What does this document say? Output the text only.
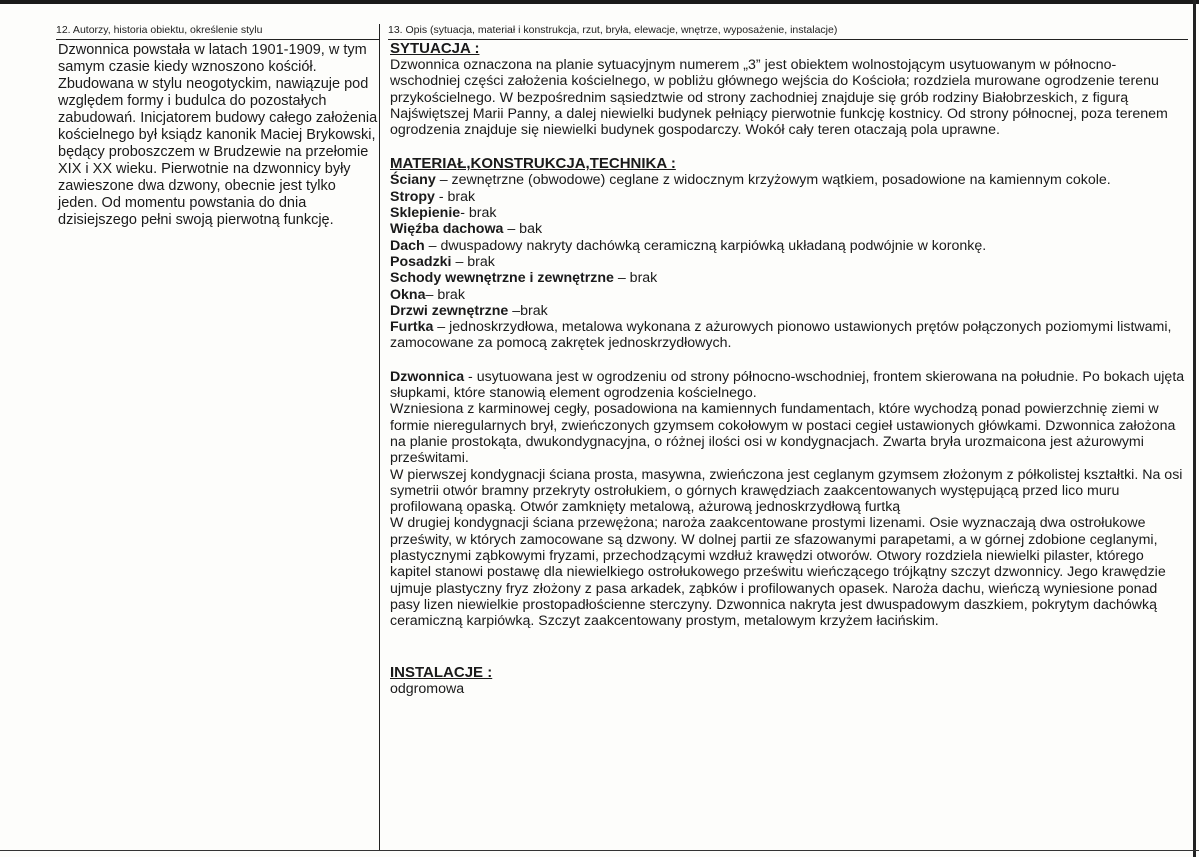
12. Autorzy, historia obiektu, określenie stylu
Dzwonnica powstała w latach 1901-1909, w tym samym czasie kiedy wznoszono kościół. Zbudowana w stylu neogotyckim, nawiązuje pod względem formy i budulca do pozostałych zabudowań. Inicjatorem budowy całego założenia kościelnego był ksiądz kanonik Maciej Brykowski, będący proboszczem w Brudzewie na przełomie XIX i XX wieku. Pierwotnie na dzwonnicy były zawieszone dwa dzwony, obecnie jest tylko jeden. Od momentu powstania do dnia dzisiejszego pełni swoją pierwotną funkcję.
13. Opis (sytuacja, materiał i konstrukcja, rzut, bryła, elewacje, wnętrze, wyposażenie, instalacje)
SYTUACJA :

Dzwonnica oznaczona na planie sytuacyjnym numerem „3” jest obiektem wolnostojącym usytuowanym w północno- wschodniej części założenia kościelnego, w pobliżu głównego wejścia do Kościoła; rozdziela murowane ogrodzenie terenu przykościelnego. W bezpośrednim sąsiedztwie od strony zachodniej znajduje się grób rodziny Białobrzeskich, z figurą Najświętszej Marii Panny, a dalej niewielki budynek pełniący pierwotnie funkcję kostnicy. Od strony północnej, poza terenem ogrodzenia znajduje się niewielki budynek gospodarczy. Wokół cały teren otaczają pola uprawne.

MATERIAŁ,KONSTRUKCJA,TECHNIKA :

Ściany – zewnętrzne (obwodowe) ceglane z widocznym krzyżowym wątkiem, posadowione na kamiennym cokole.

Stropy - brak

Sklepienie- brak

Więźba dachowa – bak

Dach – dwuspadowy nakryty dachówką ceramiczną karpiówką układaną podwójnie w koronkę.

Posadzki – brak

Schody wewnętrzne i zewnętrzne – brak

Okna– brak

Drzwi zewnętrzne –brak

Furtka – jednoskrzydłowa, metalowa wykonana z ażurowych pionowo ustawionych prętów połączonych poziomymi listwami, zamocowane za pomocą zakrętek jednoskrzydłowych.

Dzwonnica - usytuowana jest w ogrodzeniu od strony północno-wschodniej, frontem skierowana na południe. Po bokach ujęta słupkami, które stanowią element ogrodzenia kościelnego.

Wzniesiona z karminowej cegły, posadowiona na kamiennych fundamentach, które wychodzą ponad powierzchnię ziemi w formie nieregularnych brył, zwieńczonych gzymsem cokołowym w postaci cegieł ustawionych główkami. Dzwonnica założona na planie prostokąta, dwukondygnacyjna, o różnej ilości osi w kondygnacjach. Zwarta bryła urozmaicona jest ażurowymi prześwitami.

W pierwszej kondygnacji ściana prosta, masywna, zwieńczona jest ceglanym gzymsem złożonym z półkolistej kształtki. Na osi symetrii otwór bramny przekryty ostrołukiem, o górnych krawędziach zaakcentowanych występującą przed lico muru profilowaną opaską. Otwór zamknięty metalową, ażurową jednoskrzydłową furtką

W drugiej kondygnacji ściana przewężona; naroża zaakcentowane prostymi lizenami. Osie wyznaczają dwa ostrołukowe prześwity, w których zamocowane są dzwony. W dolnej partii ze sfazowanymi parapetami, a w górnej zdobione ceglanymi, plastycznymi ząbkowymi fryzami, przechodzącymi wzdłuż krawędzi otworów. Otwory rozdziela niewielki pilaster, którego kapitel stanowi postawę dla niewielkiego ostrołukowego prześwitu wieńczącego trójkątny szczyt dzwonnicy. Jego krawędzie ujmuje plastyczny fryz złożony z pasa arkadek, ząbków i profilowanych opasek. Naroża dachu, wieńczą wyniesione ponad pasy lizen niewielkie prostopadłościenne sterczyny. Dzwonnica nakryta jest dwuspadowym daszkiem, pokrytym dachówką ceramiczną karpiówką. Szczyt zaakcentowany prostym, metalowym krzyżem łacińskim.

INSTALACJE :

odgromowa
